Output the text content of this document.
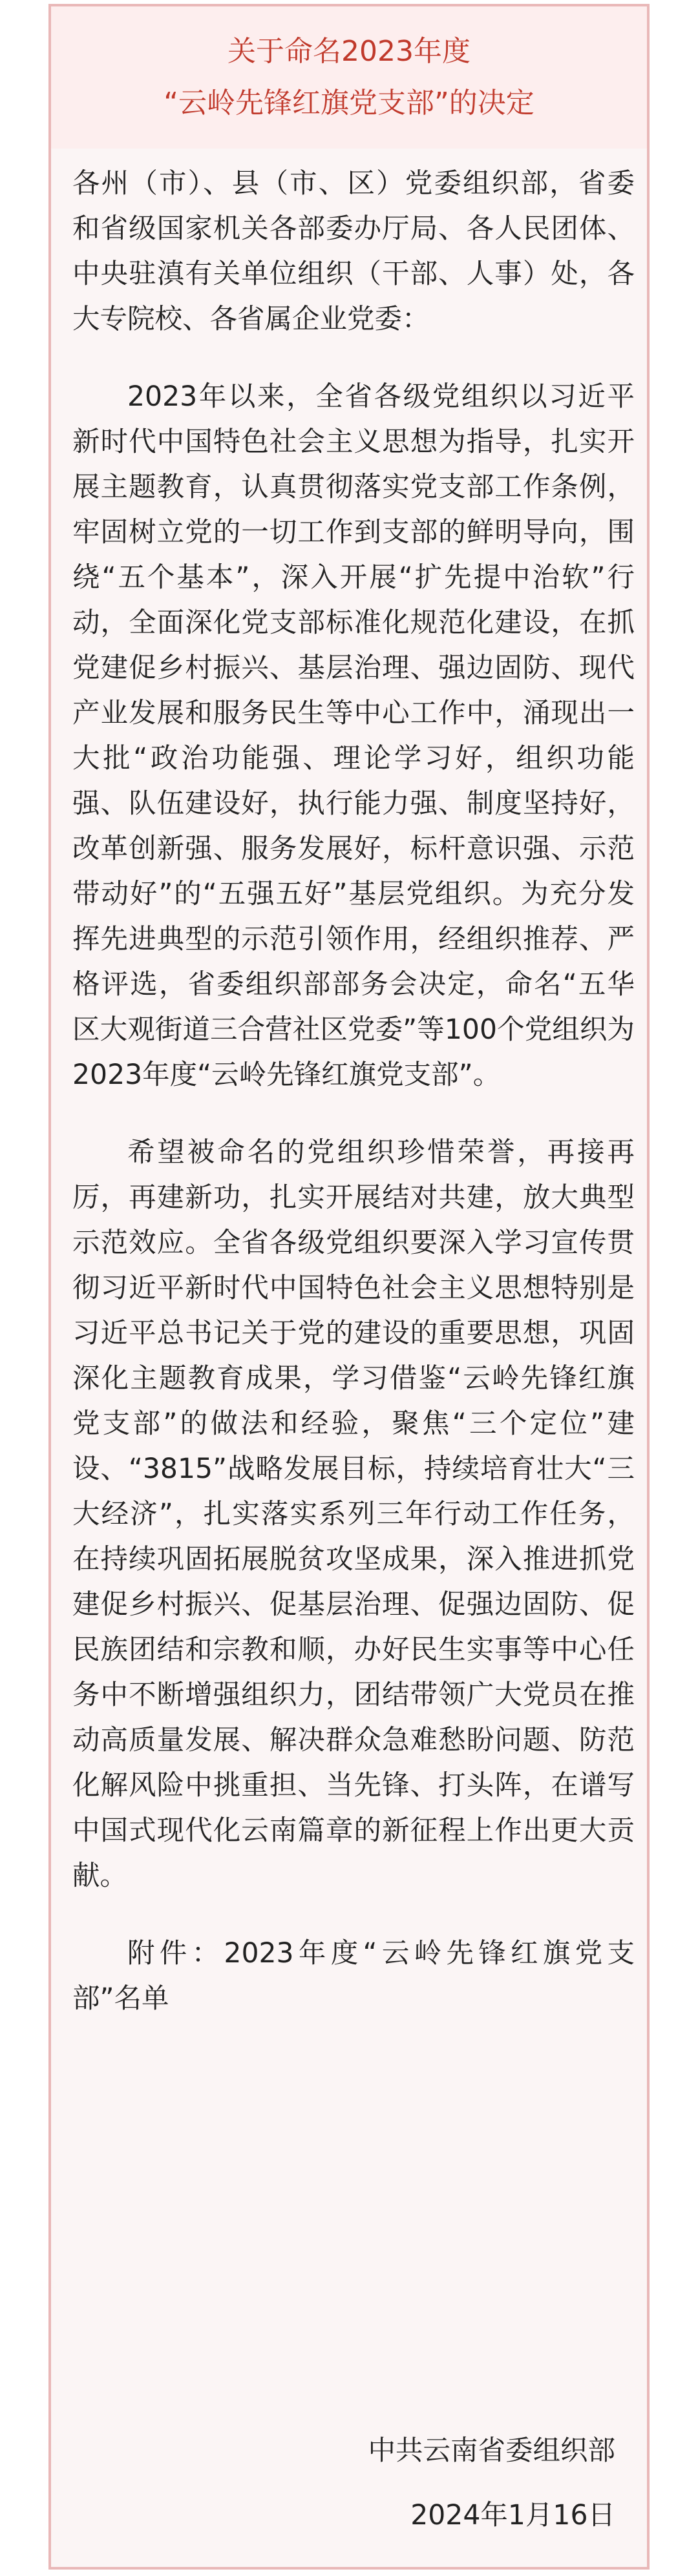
关于命名2023年度
“云岭先锋红旗党支部”的决定

各州（市）、县（市、区）党委组织部，省委和省级国家机关各部委办厅局、各人民团体、中央驻滇有关单位组织（干部、人事）处，各大专院校、各省属企业党委：

2023年以来，全省各级党组织以习近平新时代中国特色社会主义思想为指导，扎实开展主题教育，认真贯彻落实党支部工作条例，牢固树立党的一切工作到支部的鲜明导向，围绕“五个基本”，深入开展“扩先提中治软”行动，全面深化党支部标准化规范化建设，在抓党建促乡村振兴、基层治理、强边固防、现代产业发展和服务民生等中心工作中，涌现出一大批“政治功能强、理论学习好，组织功能强、队伍建设好，执行能力强、制度坚持好，改革创新强、服务发展好，标杆意识强、示范带动好”的“五强五好”基层党组织。为充分发挥先进典型的示范引领作用，经组织推荐、严格评选，省委组织部部务会决定，命名“五华区大观街道三合营社区党委”等100个党组织为2023年度“云岭先锋红旗党支部”。

希望被命名的党组织珍惜荣誉，再接再厉，再建新功，扎实开展结对共建，放大典型示范效应。全省各级党组织要深入学习宣传贯彻习近平新时代中国特色社会主义思想特别是习近平总书记关于党的建设的重要思想，巩固深化主题教育成果，学习借鉴“云岭先锋红旗党支部”的做法和经验，聚焦“三个定位”建设、“3815”战略发展目标，持续培育壮大“三大经济”，扎实落实系列三年行动工作任务，在持续巩固拓展脱贫攻坚成果，深入推进抓党建促乡村振兴、促基层治理、促强边固防、促民族团结和宗教和顺，办好民生实事等中心任务中不断增强组织力，团结带领广大党员在推动高质量发展、解决群众急难愁盼问题、防范化解风险中挑重担、当先锋、打头阵，在谱写中国式现代化云南篇章的新征程上作出更大贡献。

附件：2023年度“云岭先锋红旗党支部”名单

中共云南省委组织部
2024年1月16日
